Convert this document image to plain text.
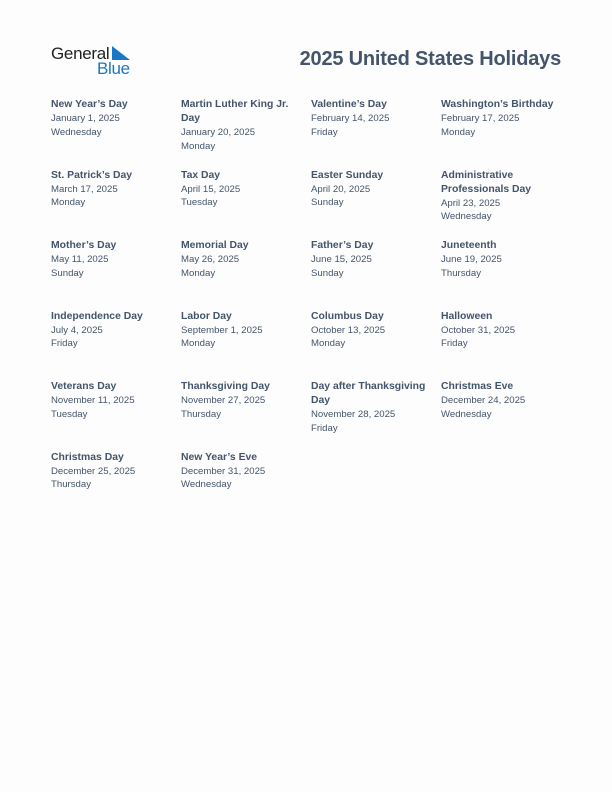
General
Blue	2025 United States Holidays
New Year’s Day
January 1, 2025
Wednesday
Martin Luther King Jr. Day
January 20, 2025
Monday
Valentine’s Day
February 14, 2025
Friday
Washington’s Birthday
February 17, 2025
Monday
St. Patrick’s Day
March 17, 2025
Monday
Tax Day
April 15, 2025
Tuesday
Easter Sunday
April 20, 2025
Sunday
Administrative Professionals Day
April 23, 2025
Wednesday
Mother’s Day
May 11, 2025
Sunday
Memorial Day
May 26, 2025
Monday
Father’s Day
June 15, 2025
Sunday
Juneteenth
June 19, 2025
Thursday
Independence Day
July 4, 2025
Friday
Labor Day
September 1, 2025
Monday
Columbus Day
October 13, 2025
Monday
Halloween
October 31, 2025
Friday
Veterans Day
November 11, 2025
Tuesday
Thanksgiving Day
November 27, 2025
Thursday
Day after Thanksgiving Day
November 28, 2025
Friday
Christmas Eve
December 24, 2025
Wednesday
Christmas Day
December 25, 2025
Thursday
New Year’s Eve
December 31, 2025
Wednesday
